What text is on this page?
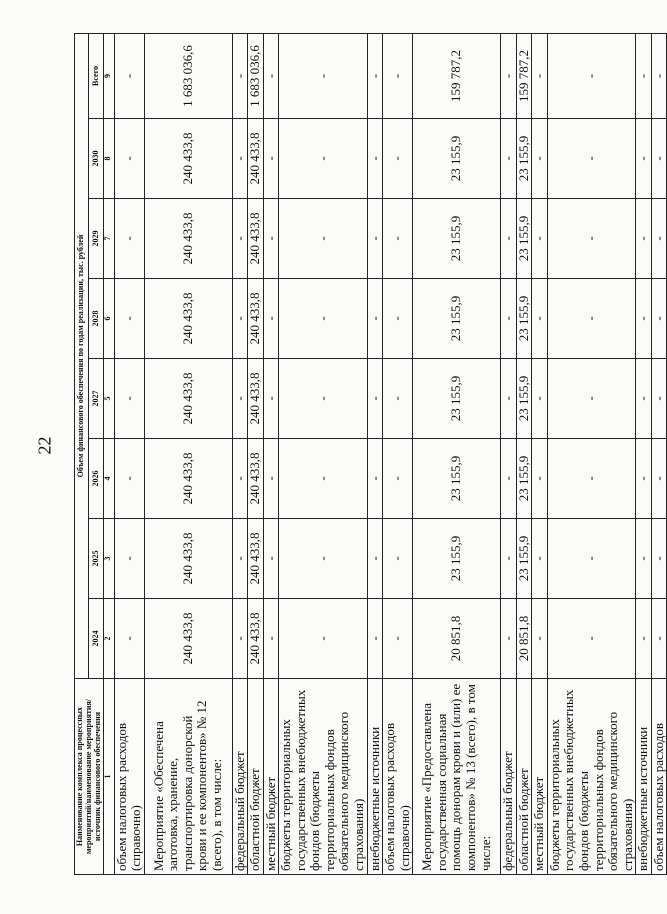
22
Наименование комплекса процессных мероприятий/наименование мероприятия/источник финансового обеспечения	Объем финансового обеспечения по годам реализации, тыс. рублей							
	2024	2025	2026	2027	2028	2029	2030	Всего
1	2	3	4	5	6	7	8	9
объем налоговых расходов (справочно)	-	-	-	-	-	-	-	-
Мероприятие «Обеспечена заготовка, хранение, транспортировка донорской крови и ее компонентов» № 12 (всего), в том числе:	240 433,8	240 433,8	240 433,8	240 433,8	240 433,8	240 433,8	240 433,8	1 683 036,6
федеральный бюджет	-	-	-	-	-	-	-	-
областной бюджет	240 433,8	240 433,8	240 433,8	240 433,8	240 433,8	240 433,8	240 433,8	1 683 036,6
местный бюджет	-	-	-	-	-	-	-	-
бюджеты территориальных государственных внебюджетных фондов (бюджеты территориальных фондов обязательного медицинского страхования)	-	-	-	-	-	-	-	-
внебюджетные источники	-	-	-	-	-	-	-	-
объем налоговых расходов (справочно)	-	-	-	-	-	-	-	-
Мероприятие «Предоставлена государственная социальная помощь донорам крови и (или) ее компонентов» № 13 (всего), в том числе:	20 851,8	23 155,9	23 155,9	23 155,9	23 155,9	23 155,9	23 155,9	159 787,2
федеральный бюджет	-	-	-	-	-	-	-	-
областной бюджет	20 851,8	23 155,9	23 155,9	23 155,9	23 155,9	23 155,9	23 155,9	159 787,2
местный бюджет	-	-	-	-	-	-	-	-
бюджеты территориальных государственных внебюджетных фондов (бюджеты территориальных фондов обязательного медицинского страхования)	-	-	-	-	-	-	-	-
внебюджетные источники	-	-	-	-	-	-	-	-
объем налоговых расходов	-	-	-	-	-	-	-	-
